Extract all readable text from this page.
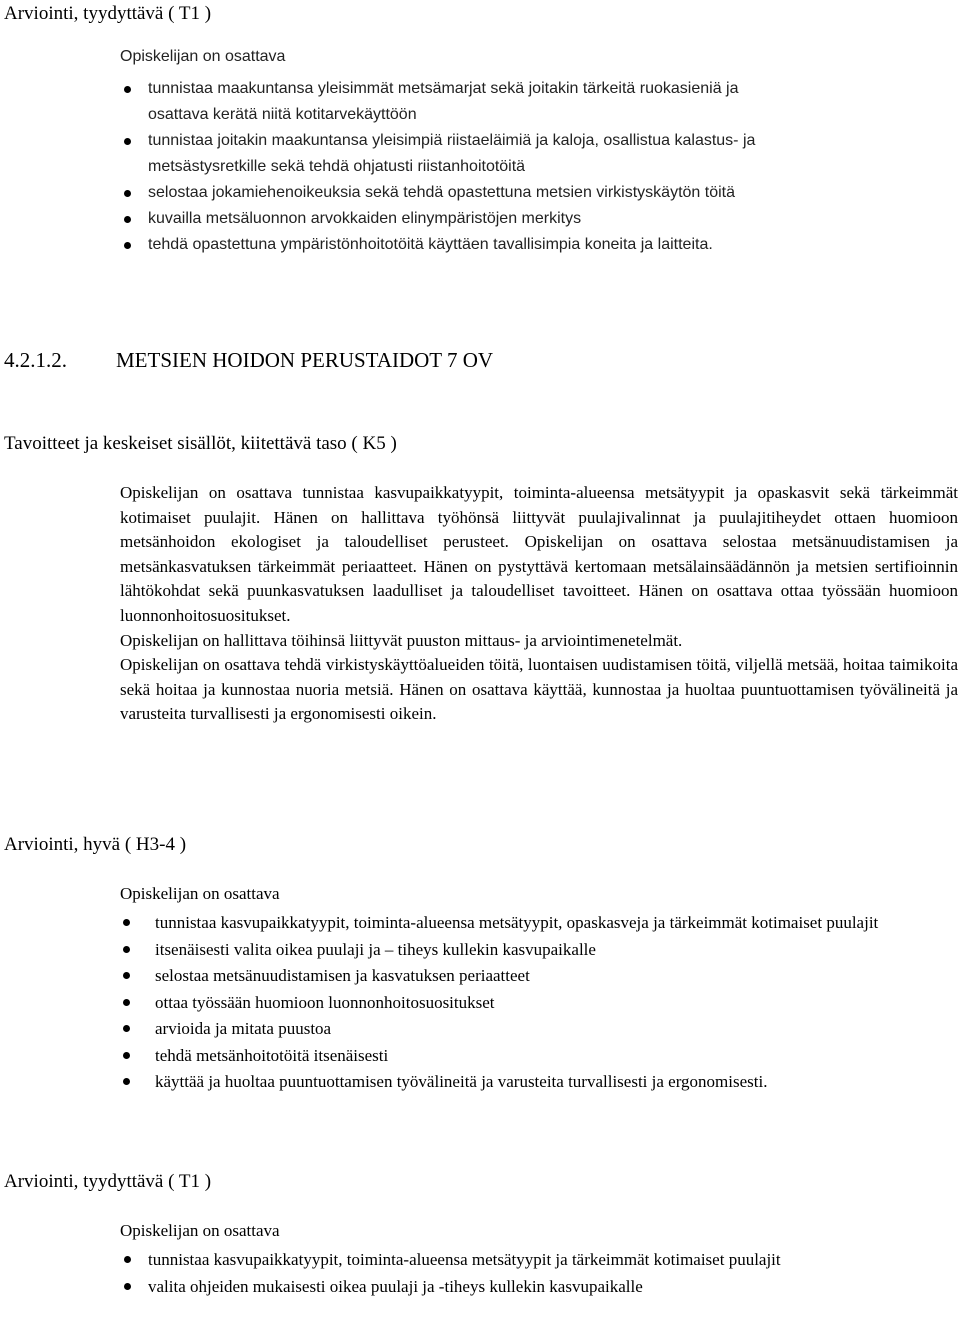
Arviointi, tyydyttävä ( T1 )
Opiskelijan on osattava
tunnistaa maakuntansa yleisimmät metsämarjat sekä joitakin tärkeitä ruokasieniä ja osattava kerätä niitä kotitarvekäyttöön
tunnistaa joitakin maakuntansa yleisimpiä riistaeläimiä ja kaloja, osallistua kalastus- ja metsästysretkille sekä tehdä ohjatusti riistanhoitotöitä
selostaa jokamiehenoikeuksia sekä tehdä opastettuna metsien virkistyskäytön töitä
kuvailla metsäluonnon arvokkaiden elinympäristöjen merkitys
tehdä opastettuna ympäristönhoitotöitä käyttäen tavallisimpia koneita ja laitteita.
4.2.1.2. METSIEN HOIDON PERUSTAIDOT 7 OV
Tavoitteet ja keskeiset sisällöt, kiitettävä taso ( K5 )

Opiskelijan on osattava tunnistaa kasvupaikkatyypit, toiminta-alueensa metsätyypit ja opaskasvit sekä tärkeimmät kotimaiset puulajit. Hänen on hallittava työhönsä liittyvät puulajivalinnat ja puulajitiheydet ottaen huomioon metsänhoidon ekologiset ja taloudelliset perusteet. Opiskelijan on osattava selostaa metsänuudistamisen ja metsänkasvatuksen tärkeimmät periaatteet. Hänen on pystyttävä kertomaan metsälainsäädännön ja metsien sertifioinnin lähtökohdat sekä puunkasvatuksen laadulliset ja taloudelliset tavoitteet. Hänen on osattava ottaa työssään huomioon luonnonhoitosuositukset.

Opiskelijan on hallittava töihinsä liittyvät puuston mittaus- ja arviointimenetelmät.

Opiskelijan on osattava tehdä virkistyskäyttöalueiden töitä, luontaisen uudistamisen töitä, viljellä metsää, hoitaa taimikoita sekä hoitaa ja kunnostaa nuoria metsiä. Hänen on osattava käyttää, kunnostaa ja huoltaa puuntuottamisen työvälineitä ja varusteita turvallisesti ja ergonomisesti oikein.

Arviointi, hyvä ( H3-4 )
Opiskelijan on osattava
tunnistaa kasvupaikkatyypit, toiminta-alueensa metsätyypit, opaskasveja ja tärkeimmät kotimaiset puulajit
itsenäisesti valita oikea puulaji ja – tiheys kullekin kasvupaikalle
selostaa metsänuudistamisen ja kasvatuksen periaatteet
ottaa työssään huomioon luonnonhoitosuositukset
arvioida ja mitata puustoa
tehdä metsänhoitotöitä itsenäisesti
käyttää ja huoltaa puuntuottamisen työvälineitä ja varusteita turvallisesti ja ergonomisesti.
Arviointi, tyydyttävä ( T1 )
Opiskelijan on osattava
tunnistaa kasvupaikkatyypit, toiminta-alueensa metsätyypit ja tärkeimmät kotimaiset puulajit
valita ohjeiden mukaisesti oikea puulaji ja -tiheys kullekin kasvupaikalle
